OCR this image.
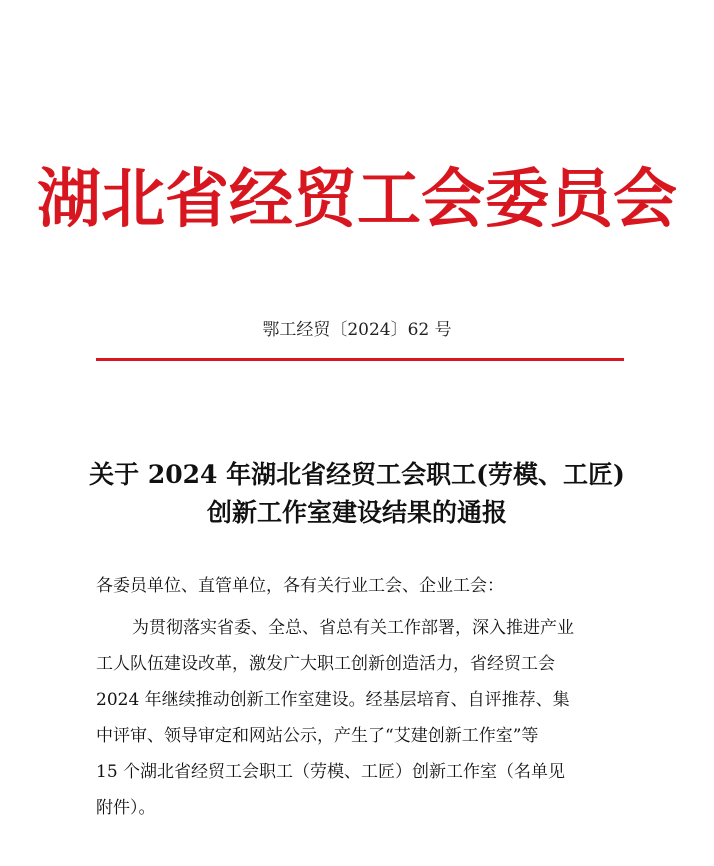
湖北省经贸工会委员会
鄂工经贸〔2024〕62 号
关于 2024 年湖北省经贸工会职工(劳模、工匠)
创新工作室建设结果的通报
各委员单位、直管单位，各有关行业工会、企业工会：
为贯彻落实省委、全总、省总有关工作部署，深入推进产业
工人队伍建设改革，激发广大职工创新创造活力，省经贸工会
2024 年继续推动创新工作室建设。经基层培育、自评推荐、集
中评审、领导审定和网站公示，产生了“艾建创新工作室”等
15 个湖北省经贸工会职工（劳模、工匠）创新工作室（名单见
附件）。
